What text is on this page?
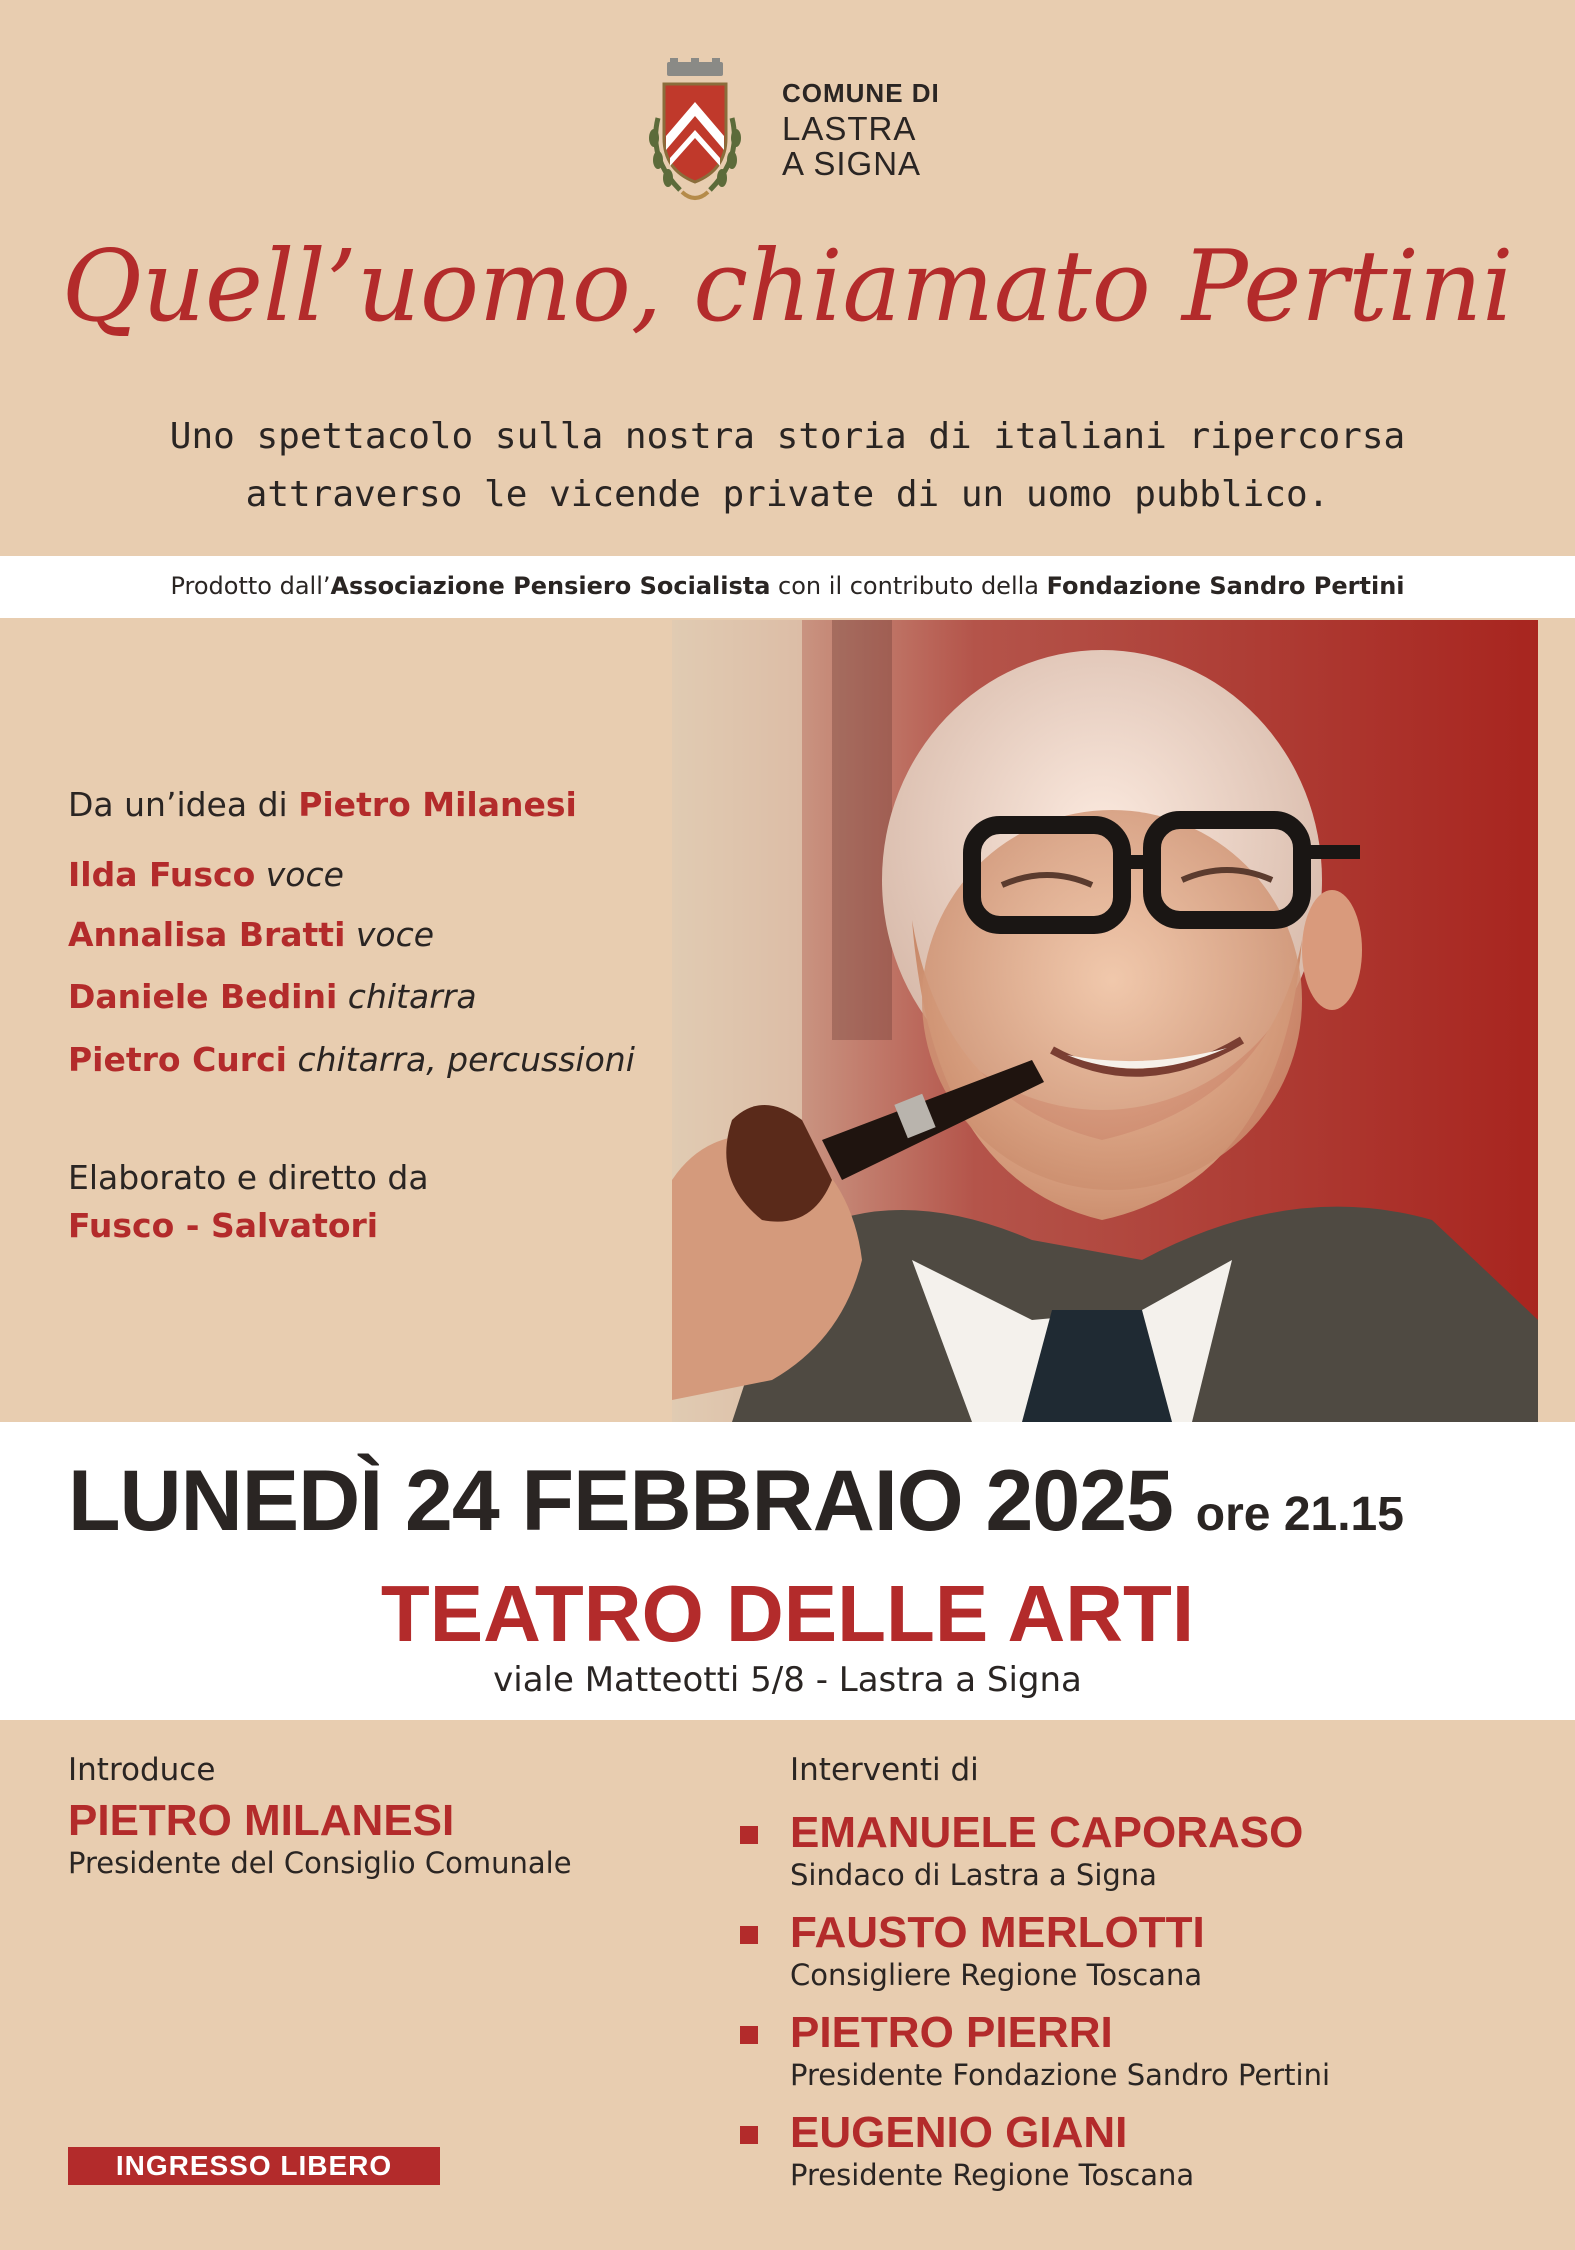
COMUNE DI
LASTRA
A SIGNA
Quell’uomo, chiamato Pertini
Uno spettacolo sulla nostra storia di italiani ripercorsa
attraverso le vicende private di un uomo pubblico.
Prodotto dall’Associazione Pensiero Socialista con il contributo della Fondazione Sandro Pertini
Da un’idea di Pietro Milanesi
Ilda Fusco voce
Annalisa Bratti voce
Daniele Bedini chitarra
Pietro Curci chitarra, percussioni
Elaborato e diretto da
Fusco - Salvatori
LUNEDÌ 24 FEBBRAIO 2025 ore 21.15
TEATRO DELLE ARTI
viale Matteotti 5/8 - Lastra a Signa
Introduce
PIETRO MILANESI
Presidente del Consiglio Comunale
Interventi di
EMANUELE CAPORASO
Sindaco di Lastra a Signa
FAUSTO MERLOTTI
Consigliere Regione Toscana
PIETRO PIERRI
Presidente Fondazione Sandro Pertini
EUGENIO GIANI
Presidente Regione Toscana
INGRESSO LIBERO
